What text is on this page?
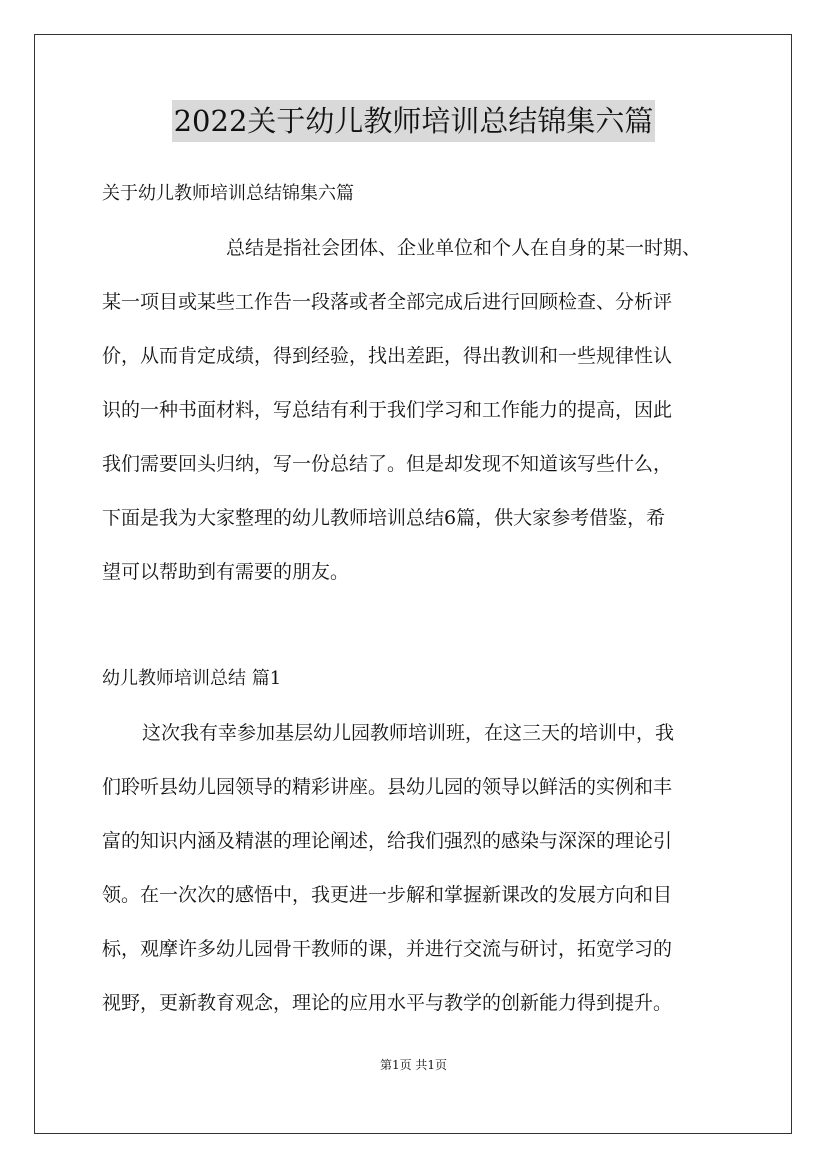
2022关于幼儿教师培训总结锦集六篇
关于幼儿教师培训总结锦集六篇
总结是指社会团体、企业单位和个人在自身的某一时期、
某一项目或某些工作告一段落或者全部完成后进行回顾检查、分析评
价，从而肯定成绩，得到经验，找出差距，得出教训和一些规律性认
识的一种书面材料，写总结有利于我们学习和工作能力的提高，因此
我们需要回头归纳，写一份总结了。但是却发现不知道该写些什么，
下面是我为大家整理的幼儿教师培训总结6篇，供大家参考借鉴，希
望可以帮助到有需要的朋友。
幼儿教师培训总结 篇1
这次我有幸参加基层幼儿园教师培训班，在这三天的培训中，我
们聆听县幼儿园领导的精彩讲座。县幼儿园的领导以鲜活的实例和丰
富的知识内涵及精湛的理论阐述，给我们强烈的感染与深深的理论引
领。在一次次的感悟中，我更进一步解和掌握新课改的发展方向和目
标，观摩许多幼儿园骨干教师的课，并进行交流与研讨，拓宽学习的
视野，更新教育观念，理论的应用水平与教学的创新能力得到提升。
第1页 共1页
